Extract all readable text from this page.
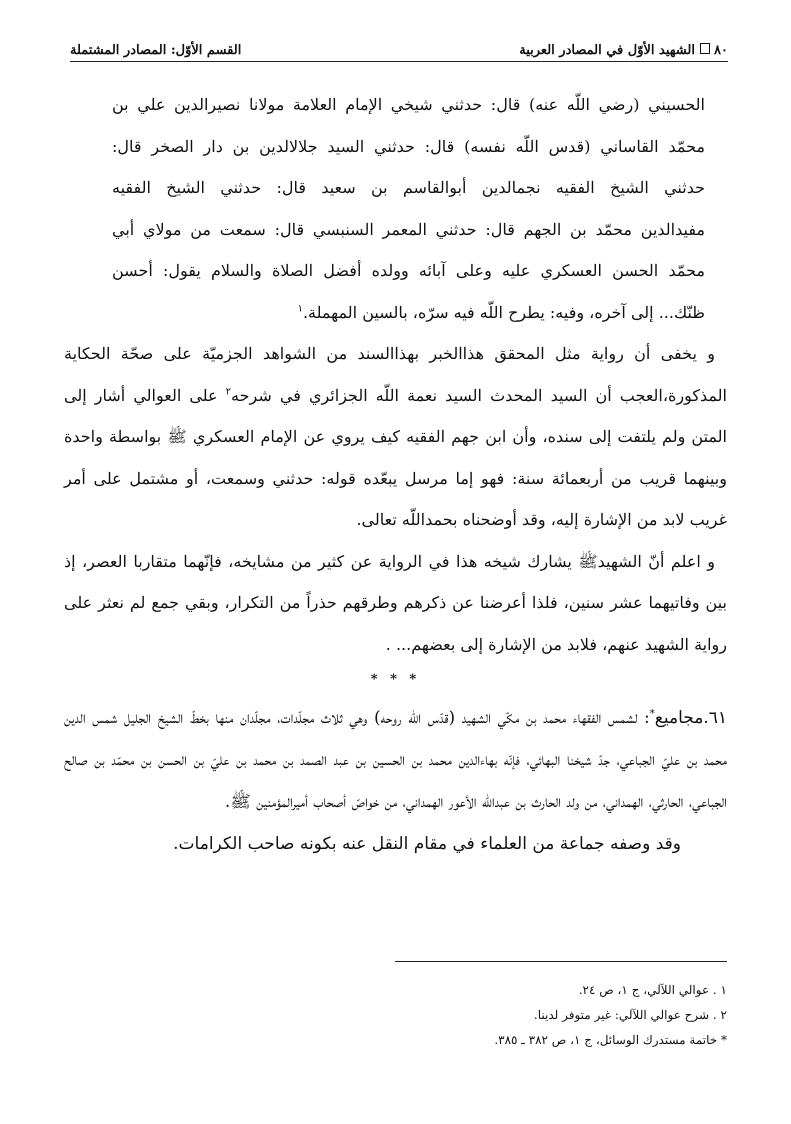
٨٠  الشهيد الأوّل في المصادر العربية
القسم الأوّل: المصادر المشتملة

الحسيني (رضي اللّه عنه) قال: حدثني شيخي الإمام العلامة مولانا نصيرالدين علي بن

محمّد القاساني (قدس اللّه نفسه) قال: حدثني السيد جلالالدين بن دار الصخر قال:

حدثني الشيخ الفقيه نجمالدين أبوالقاسم بن سعيد قال: حدثني الشيخ الفقيه

مفيدالدين محمّد بن الجهم قال: حدثني المعمر السنبسي قال: سمعت من مولاي أبي

محمّد الحسن العسكري عليه وعلى آبائه وولده أفضل الصلاة والسلام يقول: أحسن

ظنّك... إلى آخره، وفيه: يطرح اللّه فيه سرّه، بالسين المهملة.$^١$

و يخفى أن رواية مثل المحقق هذاالخبر بهذاالسند من الشواهد الجزميّة على صحّة الحكاية المذكورة،العجب أن السيد المحدث السيد نعمة اللّه الجزائري في شرحه$^٢$ على العوالي أشار إلى المتن ولم يلتفت إلى سنده، وأن ابن جهم الفقيه كيف يروي عن الإمام العسكري ﷺ بواسطة واحدة وبينهما قريب من أربعمائة سنة: فهو إما مرسل يبعّده قوله: حدثني وسمعت، أو مشتمل على أمر غريب لابد من الإشارة إليه، وقد أوضحناه بحمداللّه تعالى.

و اعلم أنّ الشهيدﷺ يشارك شيخه هذا في الرواية عن كثير من مشايخه، فإنّهما متقاربا العصر، إذ بين وفاتيهما عشر سنين، فلذا أعرضنا عن ذكرهم وطرقهم حذراً من التكرار، وبقي جمع لم نعثر على رواية الشهيد عنهم، فلابد من الإشارة إلى بعضهم... .

* * *

٦١.مجاميع*: لشمس الفقهاء محمد بن مكّي الشهيد (قدّس اللّه روحه) وهي ثلاث مجلّدات، مجلّدان منها بخطّ الشيخ الجليل شمس الدين محمد بن عليّ الجباعي، جدّ شيخنا البهائي، فإنّه بهاءالدين محمد بن الحسين بن عبد الصمد بن محمد بن عليّ بن الحسن بن محمّد بن صالح الجباعي، الحارثي، الهمداني، من ولد الحارث بن عبداللّه الأعور الهمداني، من خواصّ أصحاب أميرالمؤمنين ﷺ.

وقد وصفه جماعة من العلماء في مقام النقل عنه بكونه صاحب الكرامات.

١ . عوالي اللآلي، ج ١، ص ٢٤.
٢ . شرح عوالي اللآلي: غير متوفر لدينا.
* خاتمة مستدرك الوسائل، ج ١، ص ٣٨٢ ـ ٣٨٥.
